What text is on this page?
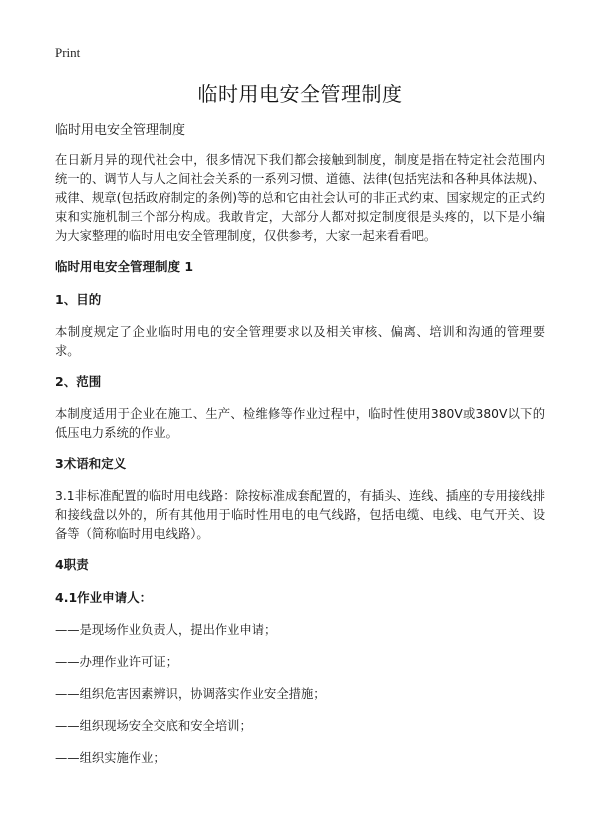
Print
临时用电安全管理制度

临时用电安全管理制度

在日新月异的现代社会中，很多情况下我们都会接触到制度，制度是指在特定社会范围内统一的、调节人与人之间社会关系的一系列习惯、道德、法律(包括宪法和各种具体法规)、戒律、规章(包括政府制定的条例)等的总和它由社会认可的非正式约束、国家规定的正式约束和实施机制三个部分构成。我敢肯定，大部分人都对拟定制度很是头疼的，以下是小编为大家整理的临时用电安全管理制度，仅供参考，大家一起来看看吧。

临时用电安全管理制度 1

1、目的

本制度规定了企业临时用电的安全管理要求以及相关审核、偏离、培训和沟通的管理要求。

2、范围

本制度适用于企业在施工、生产、检维修等作业过程中，临时性使用380V或380V以下的低压电力系统的作业。

3术语和定义

3.1非标准配置的临时用电线路：除按标准成套配置的，有插头、连线、插座的专用接线排和接线盘以外的，所有其他用于临时性用电的电气线路，包括电缆、电线、电气开关、设备等（简称临时用电线路）。

4职责

4.1作业申请人：

——是现场作业负责人，提出作业申请；

——办理作业许可证；

——组织危害因素辨识，协调落实作业安全措施；

——组织现场安全交底和安全培训；

——组织实施作业；
